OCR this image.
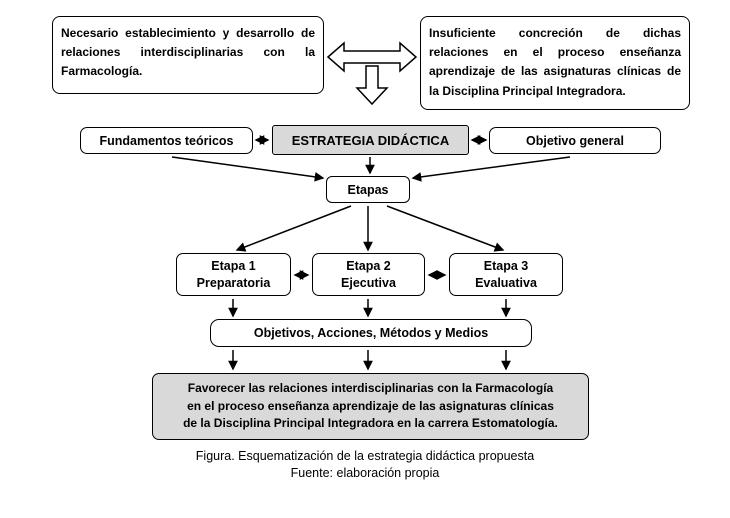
Necesario establecimiento y desarrollo de relaciones interdisciplinarias con la Farmacología.
Insuficiente concreción de dichas relaciones en el proceso enseñanza aprendizaje de las asignaturas clínicas de la Disciplina Principal Integradora.
Fundamentos teóricos	ESTRATEGIA DIDÁCTICA	Objetivo general
Etapas
Etapa 1
Preparatoria
Etapa 2
Ejecutiva
Etapa 3
Evaluativa
Objetivos, Acciones, Métodos y Medios
Favorecer las relaciones interdisciplinarias con la Farmacología
en el proceso enseñanza aprendizaje de las asignaturas clínicas
de la Disciplina Principal Integradora en la carrera Estomatología.
Figura. Esquematización de la estrategia didáctica propuesta
Fuente: elaboración propia
